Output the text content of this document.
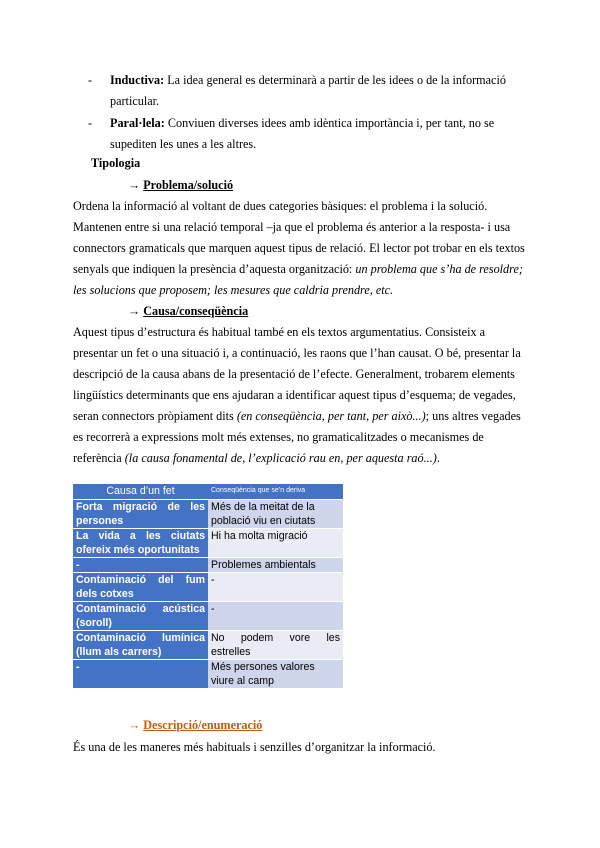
- Inductiva: La idea general es determinarà a partir de les idees o de la informació particular.
- Paral·lela: Conviuen diverses idees amb idèntica importància i, per tant, no se supediten les unes a les altres.
Tipologia
→ Problema/solució
Ordena la informació al voltant de dues categories bàsiques: el problema i la solució.
Mantenen entre si una relació temporal –ja que el problema és anterior a la resposta- i usa
connectors gramaticals que marquen aquest tipus de relació. El lector pot trobar en els textos
senyals que indiquen la presència d’aquesta organització: un problema que s’ha de resoldre;
les solucions que proposem; les mesures que caldria prendre, etc.
→ Causa/conseqüència
Aquest tipus d’estructura és habitual també en els textos argumentatius. Consisteix a
presentar un fet o una situació i, a continuació, les raons que l’han causat. O bé, presentar la
descripció de la causa abans de la presentació de l’efecte. Generalment, trobarem elements
lingüístics determinants que ens ajudaran a identificar aquest tipus d’esquema; de vegades,
seran connectors pròpiament dits (en conseqüència, per tant, per això...); uns altres vegades
es recorrerà a expressions molt més extenses, no gramaticalitzades o mecanismes de
referència (la causa fonamental de, l’explicació rau en, per aquesta raó...).
Causa d’un fet	Conseqüència que se’n deriva
Forta migració de les persones	Més de la meitat de la població viu en ciutats
La vida a les ciutats ofereix més oportunitats	Hi ha molta migració
-	Problemes ambientals
Contaminació del fum dels cotxes	-
Contaminació acústica (soroll)	-
Contaminació lumínica (llum als carrers)	No podem vore les estrelles
-	Més persones valores viure al camp
→ Descripció/enumeració
És una de les maneres més habituals i senzilles d’organitzar la informació.
